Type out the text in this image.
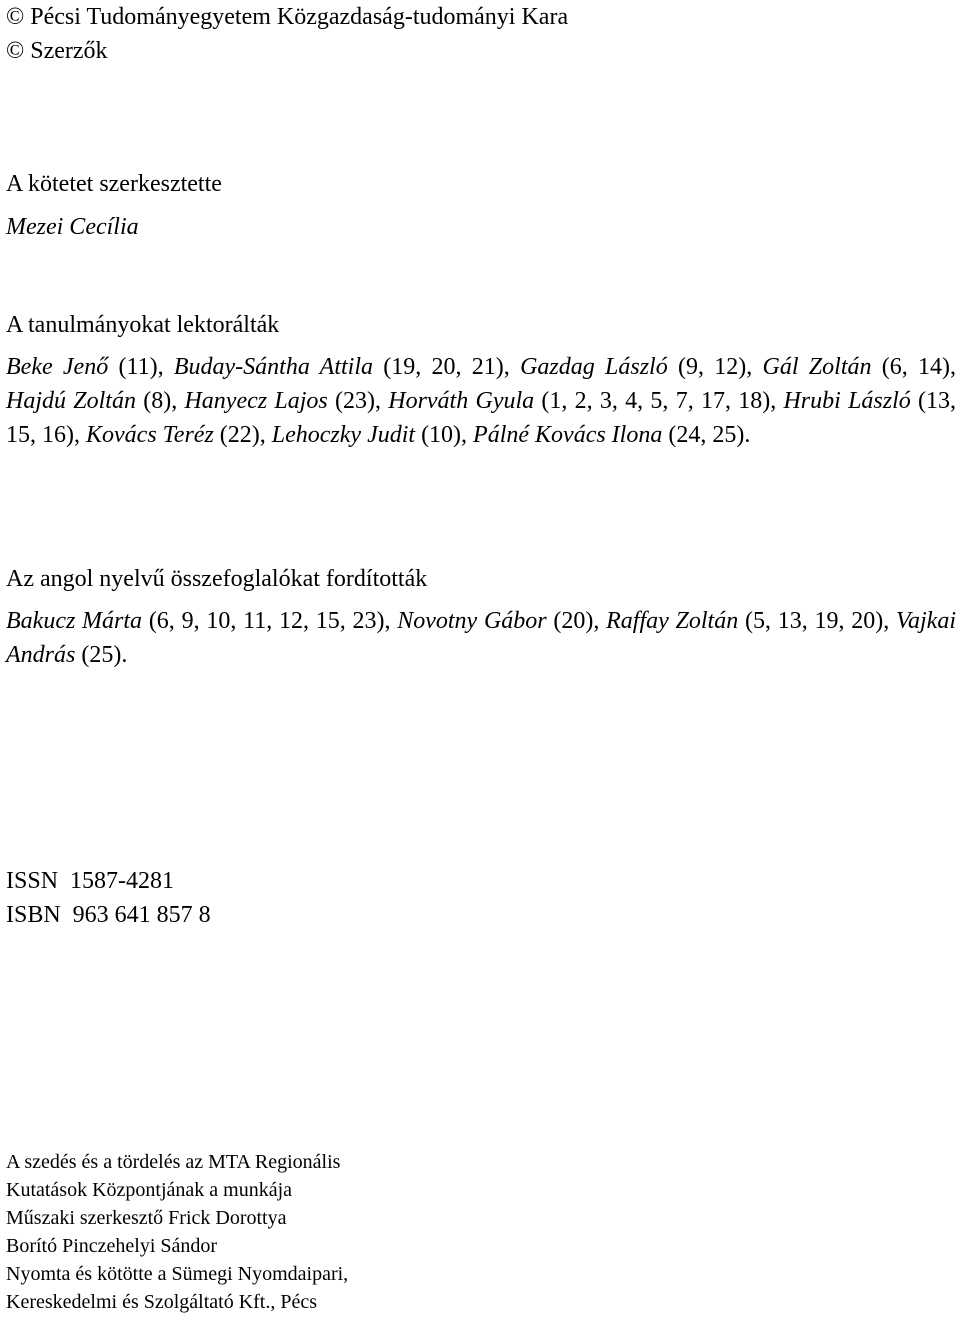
© Pécsi Tudományegyetem Közgazdaság-tudományi Kara
© Szerzők

A kötetet szerkesztette

Mezei Cecília

A tanulmányokat lektorálták

Beke Jenő (11), Buday-Sántha Attila (19, 20, 21), Gazdag László (9, 12), Gál Zoltán (6, 14), Hajdú Zoltán (8), Hanyecz Lajos (23), Horváth Gyula (1, 2, 3, 4, 5, 7, 17, 18), Hrubi László (13, 15, 16), Kovács Teréz (22), Lehoczky Judit (10), Pálné Kovács Ilona (24, 25).

Az angol nyelvű összefoglalókat fordították

Bakucz Márta (6, 9, 10, 11, 12, 15, 23), Novotny Gábor (20), Raffay Zoltán (5, 13, 19, 20), Vajkai András (25).

ISSN  1587-4281
ISBN  963 641 857 8
A szedés és a tördelés az MTA Regionális
Kutatások Központjának a munkája
Műszaki szerkesztő Frick Dorottya
Borító Pinczehelyi Sándor
Nyomta és kötötte a Sümegi Nyomdaipari,
Kereskedelmi és Szolgáltató Kft., Pécs
